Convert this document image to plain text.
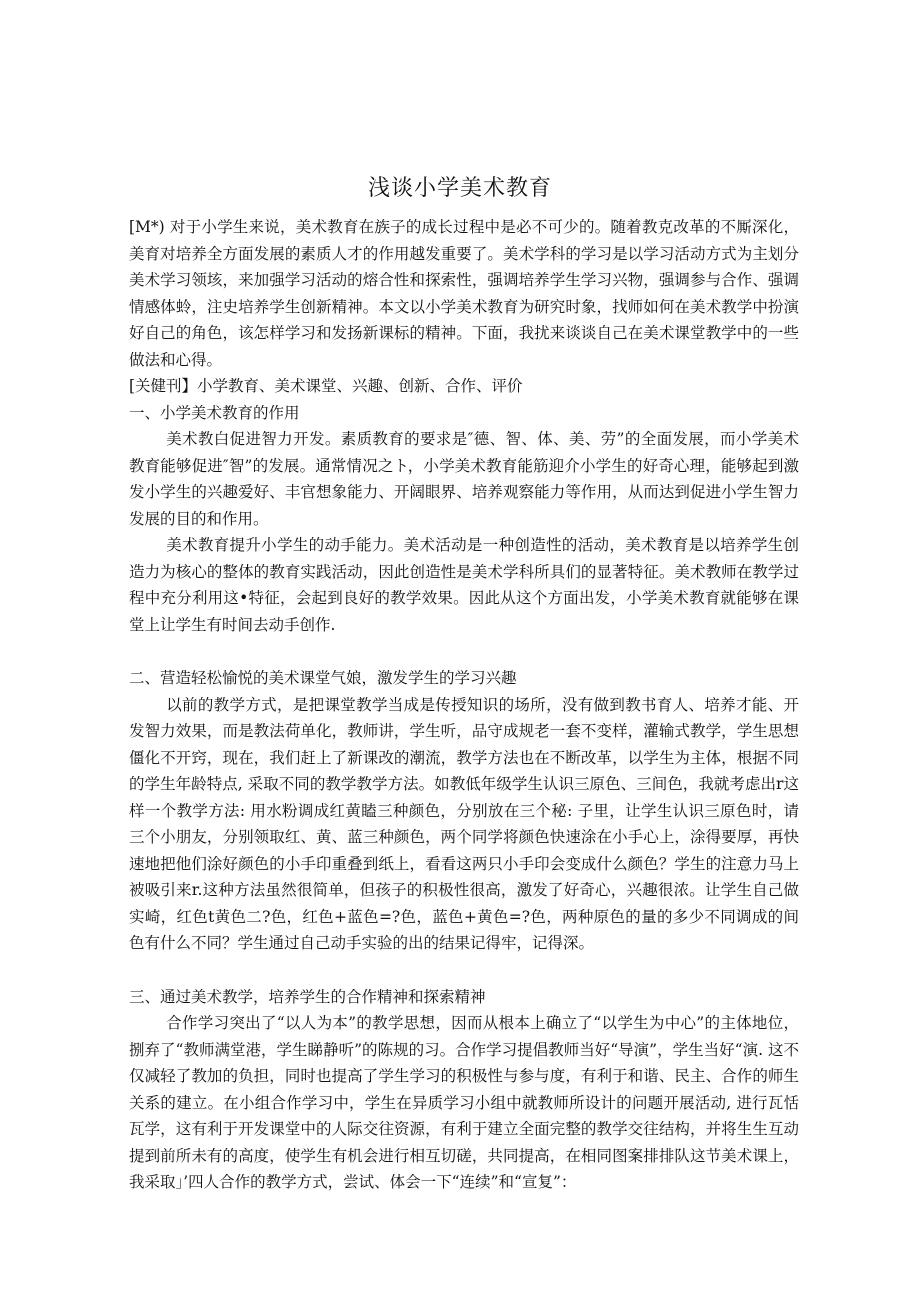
浅谈小学美术教育

[M*) 对于小学生来说，美术教育在族子的成长过程中是必不可少的。随着教克改革的不厮深化，美育对培养全方面发展的素质人才的作用越发重要了。美术学科的学习是以学习活动方式为主划分美术学习领垓，来加强学习活动的熔合性和探索性，强调培养学生学习兴物，强调参与合作、强调情感体蛉，注史培养学生创新精神。本文以小学美术教育为研究时象，找师如何在美术教学中扮演好自己的角色，该怎样学习和发扬新课标的精神。下面，我扰来谈谈自己在美术课堂教学中的一些做法和心得。

[关健刊】小学教育、美术课堂、兴趣、创新、合作、评价

一、小学美术教育的作用

美术教白促进智力开发。素质教育的要求是″德、智、体、美、劳”的全面发展，而小学美术教育能够促进″智”的发展。通常情况之ト，小学美术教育能筋迎介小学生的好奇心理，能够起到激发小学生的兴趣爱好、丰官想象能力、开阔眼界、培养观察能力等作用，从而达到促进小学生智力发展的目的和作用。

美术教育提升小学生的动手能力。美术活动是一种创造性的活动，美术教育是以培养学生创造力为核心的整体的教育实践活动，因此创造性是美术学科所具们的显著特征。美术教师在教学过程中充分利用这•特征，会起到良好的教学效果。因此从这个方面出发，小学美术教育就能够在课堂上让学生有时间去动手创作.

二、营造轻松愉悦的美术课堂气娘，激发学生的学习兴趣

以前的教学方式，是把课堂教学当成是传授知识的场所，没有做到教书育人、培养才能、开发智力效果，而是教法荷单化，教师讲，学生听，品守成规老一套不变样，灌输式教学，学生思想僵化不开窍，现在，我们赶上了新课改的潮流，教学方法也在不断改革，以学生为主体，根据不同的学生年龄特点, 采取不同的教学教学方法。如教低年级学生认识三原色、三间色，我就考虑出r这样一个教学方法: 用水粉调成红黄瞌三种颜色，分别放在三个秘: 子里，让学生认识三原色时，请三个小朋友，分别领取红、黄、蓝三种颜色，两个同学将颜色快速涂在小手心上，涂得要厚，再快速地把他们涂好颜色的小手印重叠到纸上，看看这两只小手印会变成什么颜色？学生的注意力马上被吸引来r.这种方法虽然很简单，但孩子的积极性很高，激发了好奇心，兴趣很浓。让学生自己做实崎，红色t黄色二?色，红色+蓝色=?色，蓝色+黄色=?色，两种原色的量的多少不同调成的间色有什么不同？学生通过自己动手实验的出的结果记得牢，记得深。

三、通过美术教学，培养学生的合作精神和探索精神

合作学习突出了“以人为本”的教学思想，因而从根本上确立了“以学生为中心”的主体地位，捌弃了“教师满堂港，学生睇静听”的陈规的习。合作学习提倡教师当好“导演”，学生当好“演. 这不仅减轻了教加的负担，同时也提高了学生学习的积极性与参与度，有利于和谐、民主、合作的师生关系的建立。在小组合作学习中，学生在异质学习小组中就教师所设计的问题开展活动, 进行瓦恬瓦学，这有利于开发课堂中的人际交往资源，有利于建立全面完整的教学交往结构，并将生生互动提到前所未有的高度，使学生有机会进行相互切磋，共同提高，在相同图案排排队这节美术课上，我采取」’四人合作的教学方式，尝试、体会一下“连续”和“宣复”：
